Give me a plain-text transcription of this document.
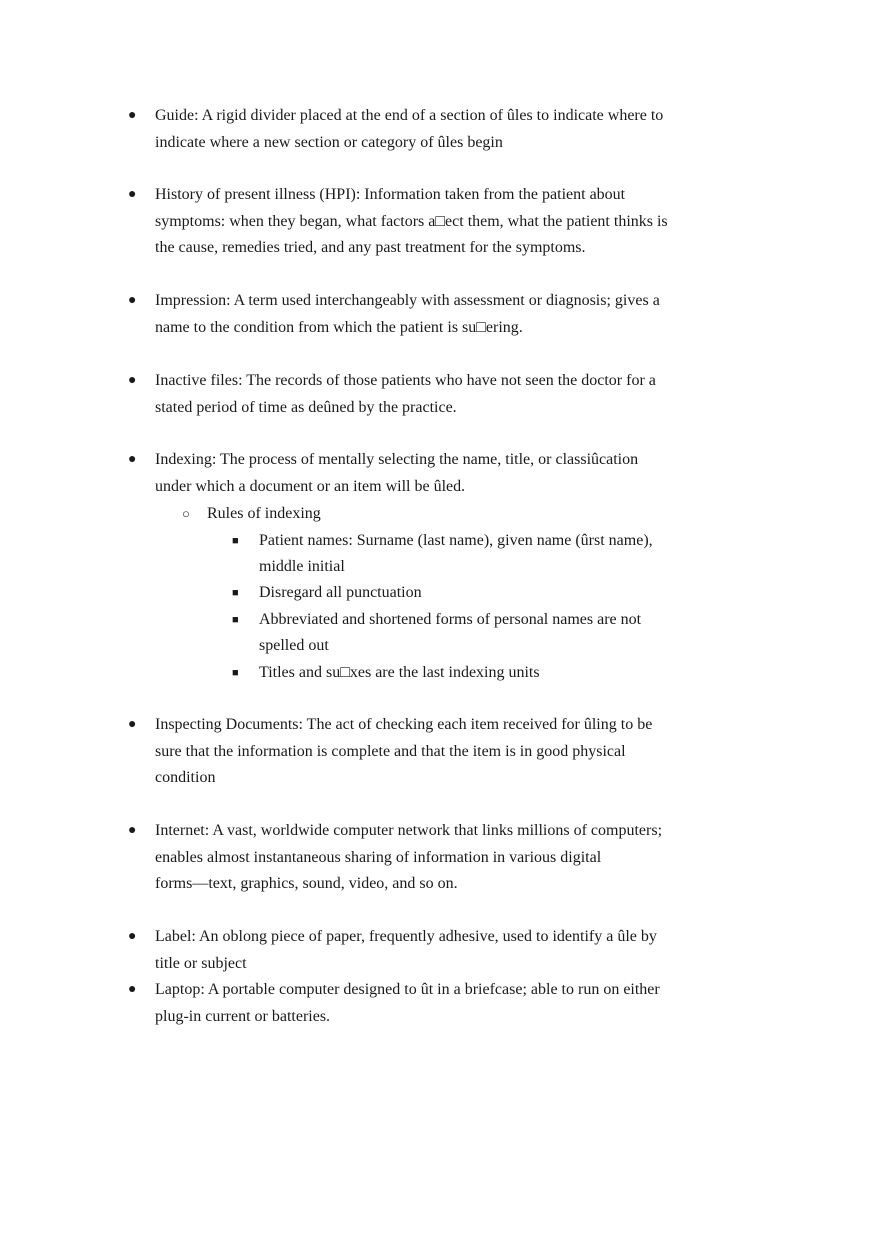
● Guide: A rigid divider placed at the end of a section of ûles to indicate where to
indicate where a new section or category of ûles begin
● History of present illness (HPI): Information taken from the patient about
symptoms: when they began, what factors a□ect them, what the patient thinks is
the cause, remedies tried, and any past treatment for the symptoms.
● Impression: A term used interchangeably with assessment or diagnosis; gives a
name to the condition from which the patient is su□ering.
● Inactive files: The records of those patients who have not seen the doctor for a
stated period of time as deûned by the practice.
● Indexing: The process of mentally selecting the name, title, or classiûcation
under which a document or an item will be ûled.
○ Rules of indexing
■ Patient names: Surname (last name), given name (ûrst name),
middle initial
■ Disregard all punctuation
■ Abbreviated and shortened forms of personal names are not
spelled out
■ Titles and su□xes are the last indexing units
● Inspecting Documents: The act of checking each item received for ûling to be
sure that the information is complete and that the item is in good physical
condition
● Internet: A vast, worldwide computer network that links millions of computers;
enables almost instantaneous sharing of information in various digital
forms—text, graphics, sound, video, and so on.
● Label: An oblong piece of paper, frequently adhesive, used to identify a ûle by
title or subject
● Laptop: A portable computer designed to ût in a briefcase; able to run on either
plug-in current or batteries.
